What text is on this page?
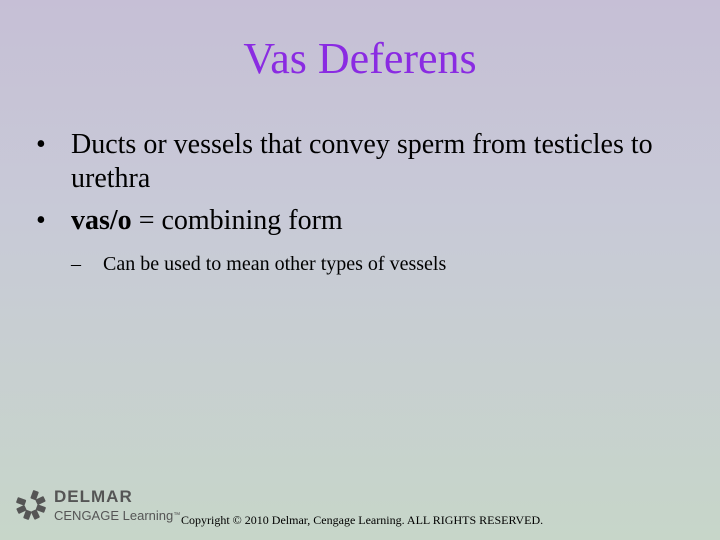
Vas Deferens
• Ducts or vessels that convey sperm from testicles to urethra
• vas/o = combining form
– Can be used to mean other types of vessels
DELMAR
CENGAGE Learning™ Copyright © 2010 Delmar, Cengage Learning. ALL RIGHTS RESERVED.
